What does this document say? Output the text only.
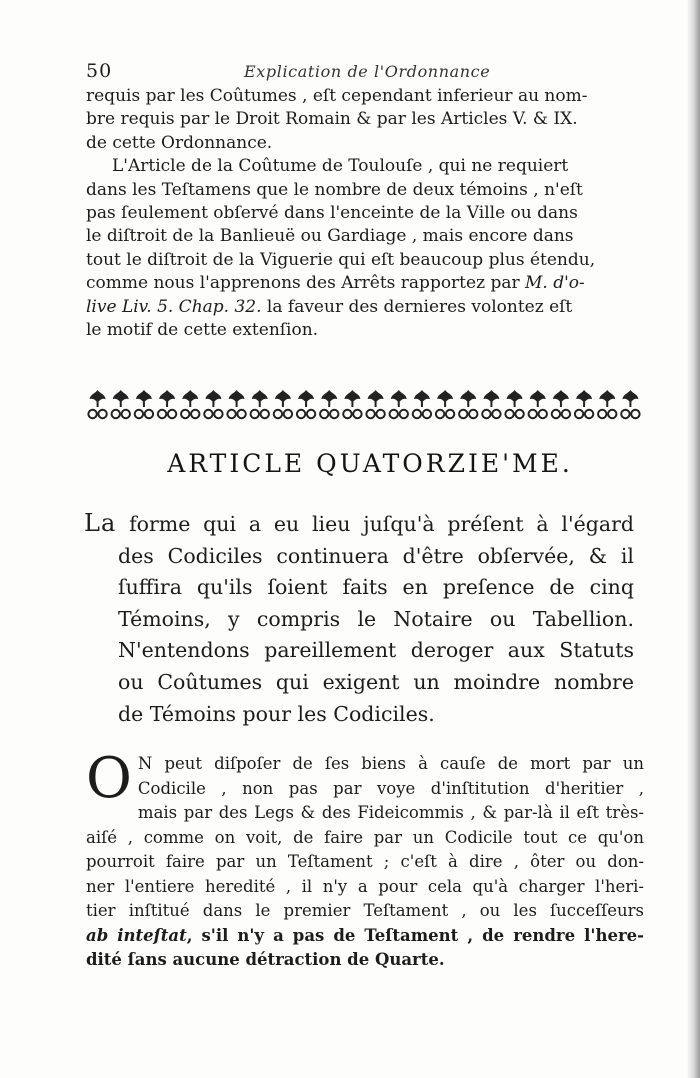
50	Explication de l'Ordonnance

requis par les Coûtumes , eſt cependant inferieur au nom-

bre requis par le Droit Romain & par les Articles V. & IX.

de cette Ordonnance.

L'Article de la Coûtume de Toulouſe , qui ne requiert

dans les Teſtamens que le nombre de deux témoins , n'eſt

pas ſeulement obſervé dans l'enceinte de la Ville ou dans

le diſtroit de la Banlieuë ou Gardiage , mais encore dans

tout le diſtroit de la Viguerie qui eſt beaucoup plus étendu,

comme nous l'apprenons des Arrêts rapportez par M. d'o-

live Liv. 5. Chap. 32. la faveur des dernieres volontez eſt

le motif de cette extenſion.

ARTICLE QUATORZIE'ME.
La forme qui a eu lieu juſqu'à préſent à l'égard
des Codiciles continuera d'être obſervée, & il
ſuffira qu'ils ſoient faits en preſence de cinq
Témoins, y compris le Notaire ou Tabellion.
N'entendons pareillement deroger aux Statuts
ou Coûtumes qui exigent un moindre nombre
de Témoins pour les Codiciles.
O N peut diſpoſer de ſes biens à cauſe de mort par un
Codicile , non pas par voye d'inſtitution d'heritier ,
mais par des Legs & des Fideicommis , & par-là il eſt très-
aiſé , comme on voit, de faire par un Codicile tout ce qu'on
pourroit faire par un Teſtament ; c'eſt à dire , ôter ou don-
ner l'entiere heredité , il n'y a pour cela qu'à charger l'heri-
tier inſtitué dans le premier Teſtament , ou les ſucceſſeurs
ab inteſtat, s'il n'y a pas de Teſtament , de rendre l'here-
dité ſans aucune détraction de Quarte.
